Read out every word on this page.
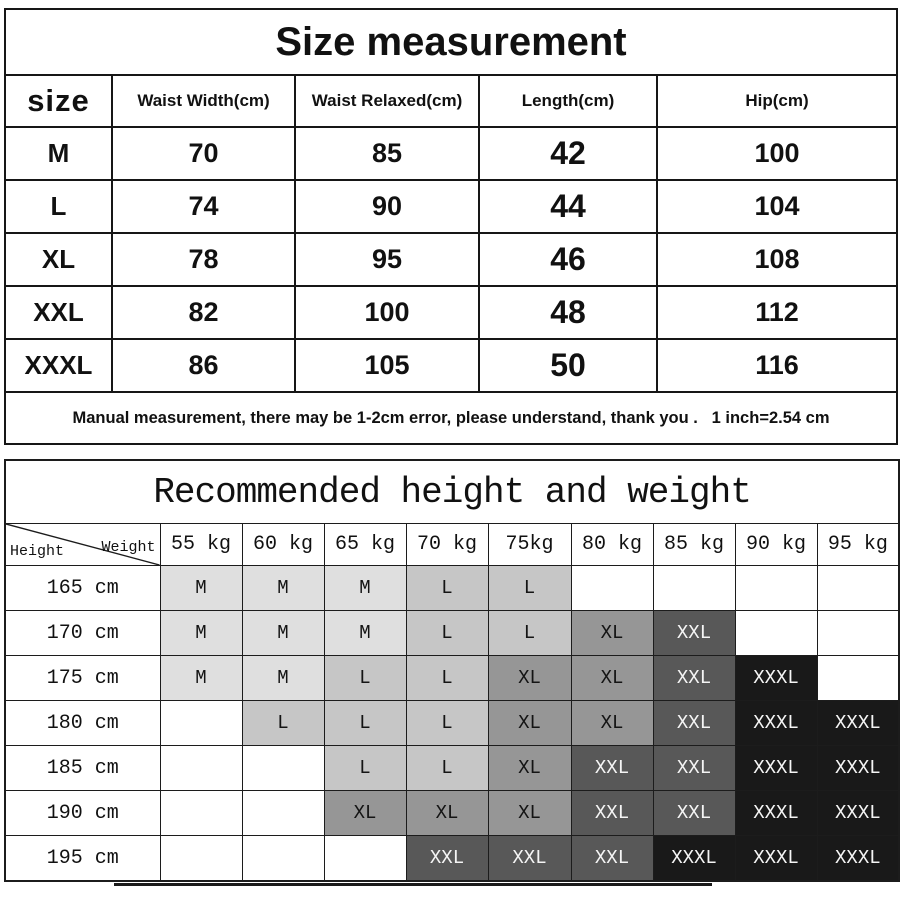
Size measurement				
size	Waist Width(cm)	Waist Relaxed(cm)	Length(cm)	Hip(cm)
M	70	85	42	100
L	74	90	44	104
XL	78	95	46	108
XXL	82	100	48	112
XXXL	86	105	50	116
Manual measurement, there may be 1-2cm error, please understand, thank you .   1 inch=2.54 cm				
Recommended height and weight									

Height Weight	55 kg	60 kg	65 kg	70 kg	75kg	80 kg	85 kg	90 kg	95 kg
165 cm	M	M	M	L	L				
170 cm	M	M	M	L	L	XL	XXL		
175 cm	M	M	L	L	XL	XL	XXL	XXXL	
180 cm		L	L	L	XL	XL	XXL	XXXL	XXXL
185 cm			L	L	XL	XXL	XXL	XXXL	XXXL
190 cm			XL	XL	XL	XXL	XXL	XXXL	XXXL
195 cm				XXL	XXL	XXL	XXXL	XXXL	XXXL
